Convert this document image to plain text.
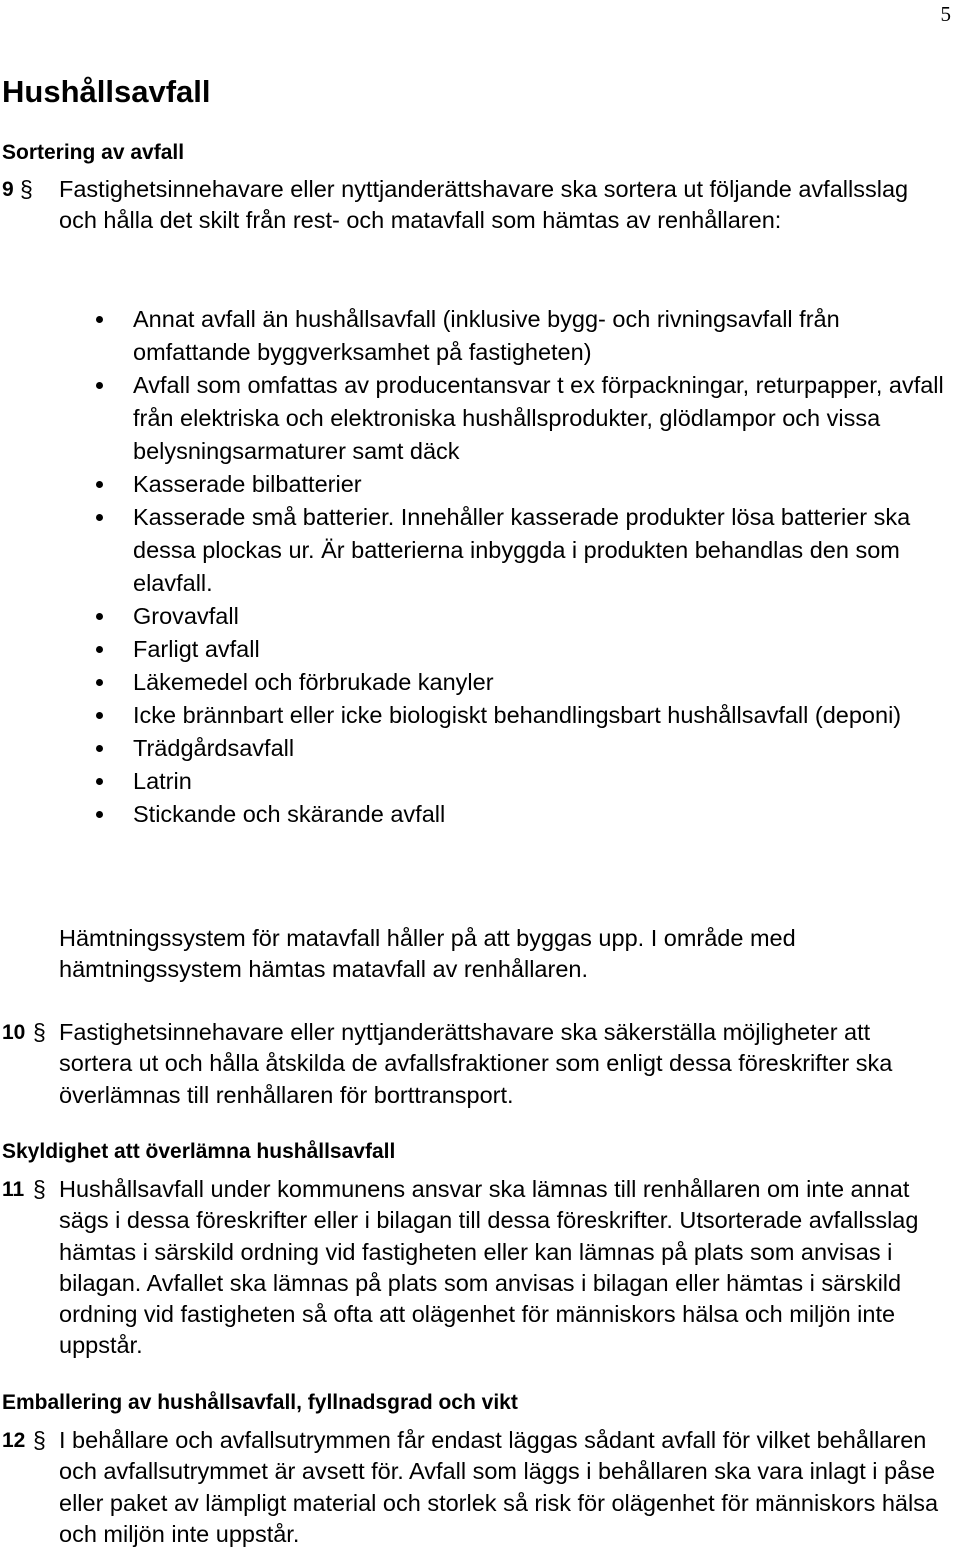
5
Hushållsavfall
Sortering av avfall
9 § Fastighetsinnehavare eller nyttjanderättshavare ska sortera ut följande avfallsslag och hålla det skilt från rest- och matavfall som hämtas av renhållaren:
Annat avfall än hushållsavfall (inklusive bygg- och rivningsavfall från omfattande byggverksamhet på fastigheten)
Avfall som omfattas av producentansvar t ex förpackningar, returpapper, avfall från elektriska och elektroniska hushållsprodukter, glödlampor och vissa belysningsarmaturer samt däck
Kasserade bilbatterier
Kasserade små batterier. Innehåller kasserade produkter lösa batterier ska dessa plockas ur. Är batterierna inbyggda i produkten behandlas den som elavfall.
Grovavfall
Farligt avfall
Läkemedel och förbrukade kanyler
Icke brännbart eller icke biologiskt behandlingsbart hushållsavfall (deponi)
Trädgårdsavfall
Latrin
Stickande och skärande avfall
Hämtningssystem för matavfall håller på att byggas upp. I område med hämtningssystem hämtas matavfall av renhållaren.
10 § Fastighetsinnehavare eller nyttjanderättshavare ska säkerställa möjligheter att sortera ut och hålla åtskilda de avfallsfraktioner som enligt dessa föreskrifter ska överlämnas till renhållaren för borttransport.
Skyldighet att överlämna hushållsavfall
11 § Hushållsavfall under kommunens ansvar ska lämnas till renhållaren om inte annat sägs i dessa föreskrifter eller i bilagan till dessa föreskrifter. Utsorterade avfallsslag hämtas i särskild ordning vid fastigheten eller kan lämnas på plats som anvisas i bilagan. Avfallet ska lämnas på plats som anvisas i bilagan eller hämtas i särskild ordning vid fastigheten så ofta att olägenhet för människors hälsa och miljön inte uppstår.
Emballering av hushållsavfall, fyllnadsgrad och vikt
12 § I behållare och avfallsutrymmen får endast läggas sådant avfall för vilket behållaren och avfallsutrymmet är avsett för. Avfall som läggs i behållaren ska vara inlagt i påse eller paket av lämpligt material och storlek så risk för olägenhet för människors hälsa och miljön inte uppstår.
